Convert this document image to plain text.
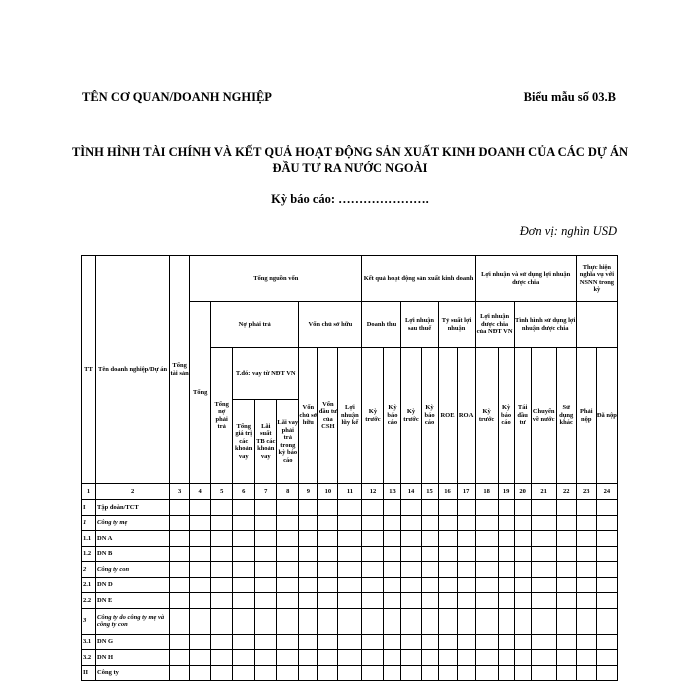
TÊN CƠ QUAN/DOANH NGHIỆP	Biểu mẫu số 03.B
TÌNH HÌNH TÀI CHÍNH VÀ KẾT QUẢ HOẠT ĐỘNG SẢN XUẤT KINH DOANH CỦA CÁC DỰ ÁN ĐẦU TƯ RA NƯỚC NGOÀI
Kỳ báo cáo: ………………….
Đơn vị: nghìn USD
TT	Tên doanh nghiệp/Dự án	Tổng tài sản	Tổng nguồn vốn								Kết quả hoạt động sản xuất kinh doanh						Lợi nhuận và sử dụng lợi nhuận được chia					Thực hiện nghĩa vụ với NSNN trong kỳ	
			Tổng	Nợ phải trả				Vốn chủ sở hữu			Doanh thu		Lợi nhuận sau thuế		Tỷ suất lợi nhuận		Lợi nhuận được chia của NĐT VN		Tình hình sử dụng lợi nhuận được chia				
				Tổng nợ phải trả	T.đó: vay từ NĐT VN			Vốn chủ sở hữu	Vốn đầu tư của CSH	Lợi nhuận lũy kế	Kỳ trước	Kỳ báo cáo	Kỳ trước	Kỳ báo cáo	ROE	ROA	Kỳ trước	Kỳ báo cáo	Tái đầu tư	Chuyển về nước	Sử dụng khác	Phải nộp	Đã nộp
					Tổng giá trị các khoản vay	Lãi suất TB các khoản vay	Lãi vay phải trả trong kỳ báo cáo																
1	2	3	4	5	6	7	8	9	10	11	12	13	14	15	16	17	18	19	20	21	22	23	24
I	Tập đoàn/TCT																						
1	Công ty mẹ																						
1.1	DN A																						
1.2	DN B																						
2	Công ty con																						
2.1	DN D																						
2.2	DN E																						
3	Công ty do công ty mẹ và công ty con																						
3.1	DN G																						
3.2	DN H																						
II	Công ty																						
